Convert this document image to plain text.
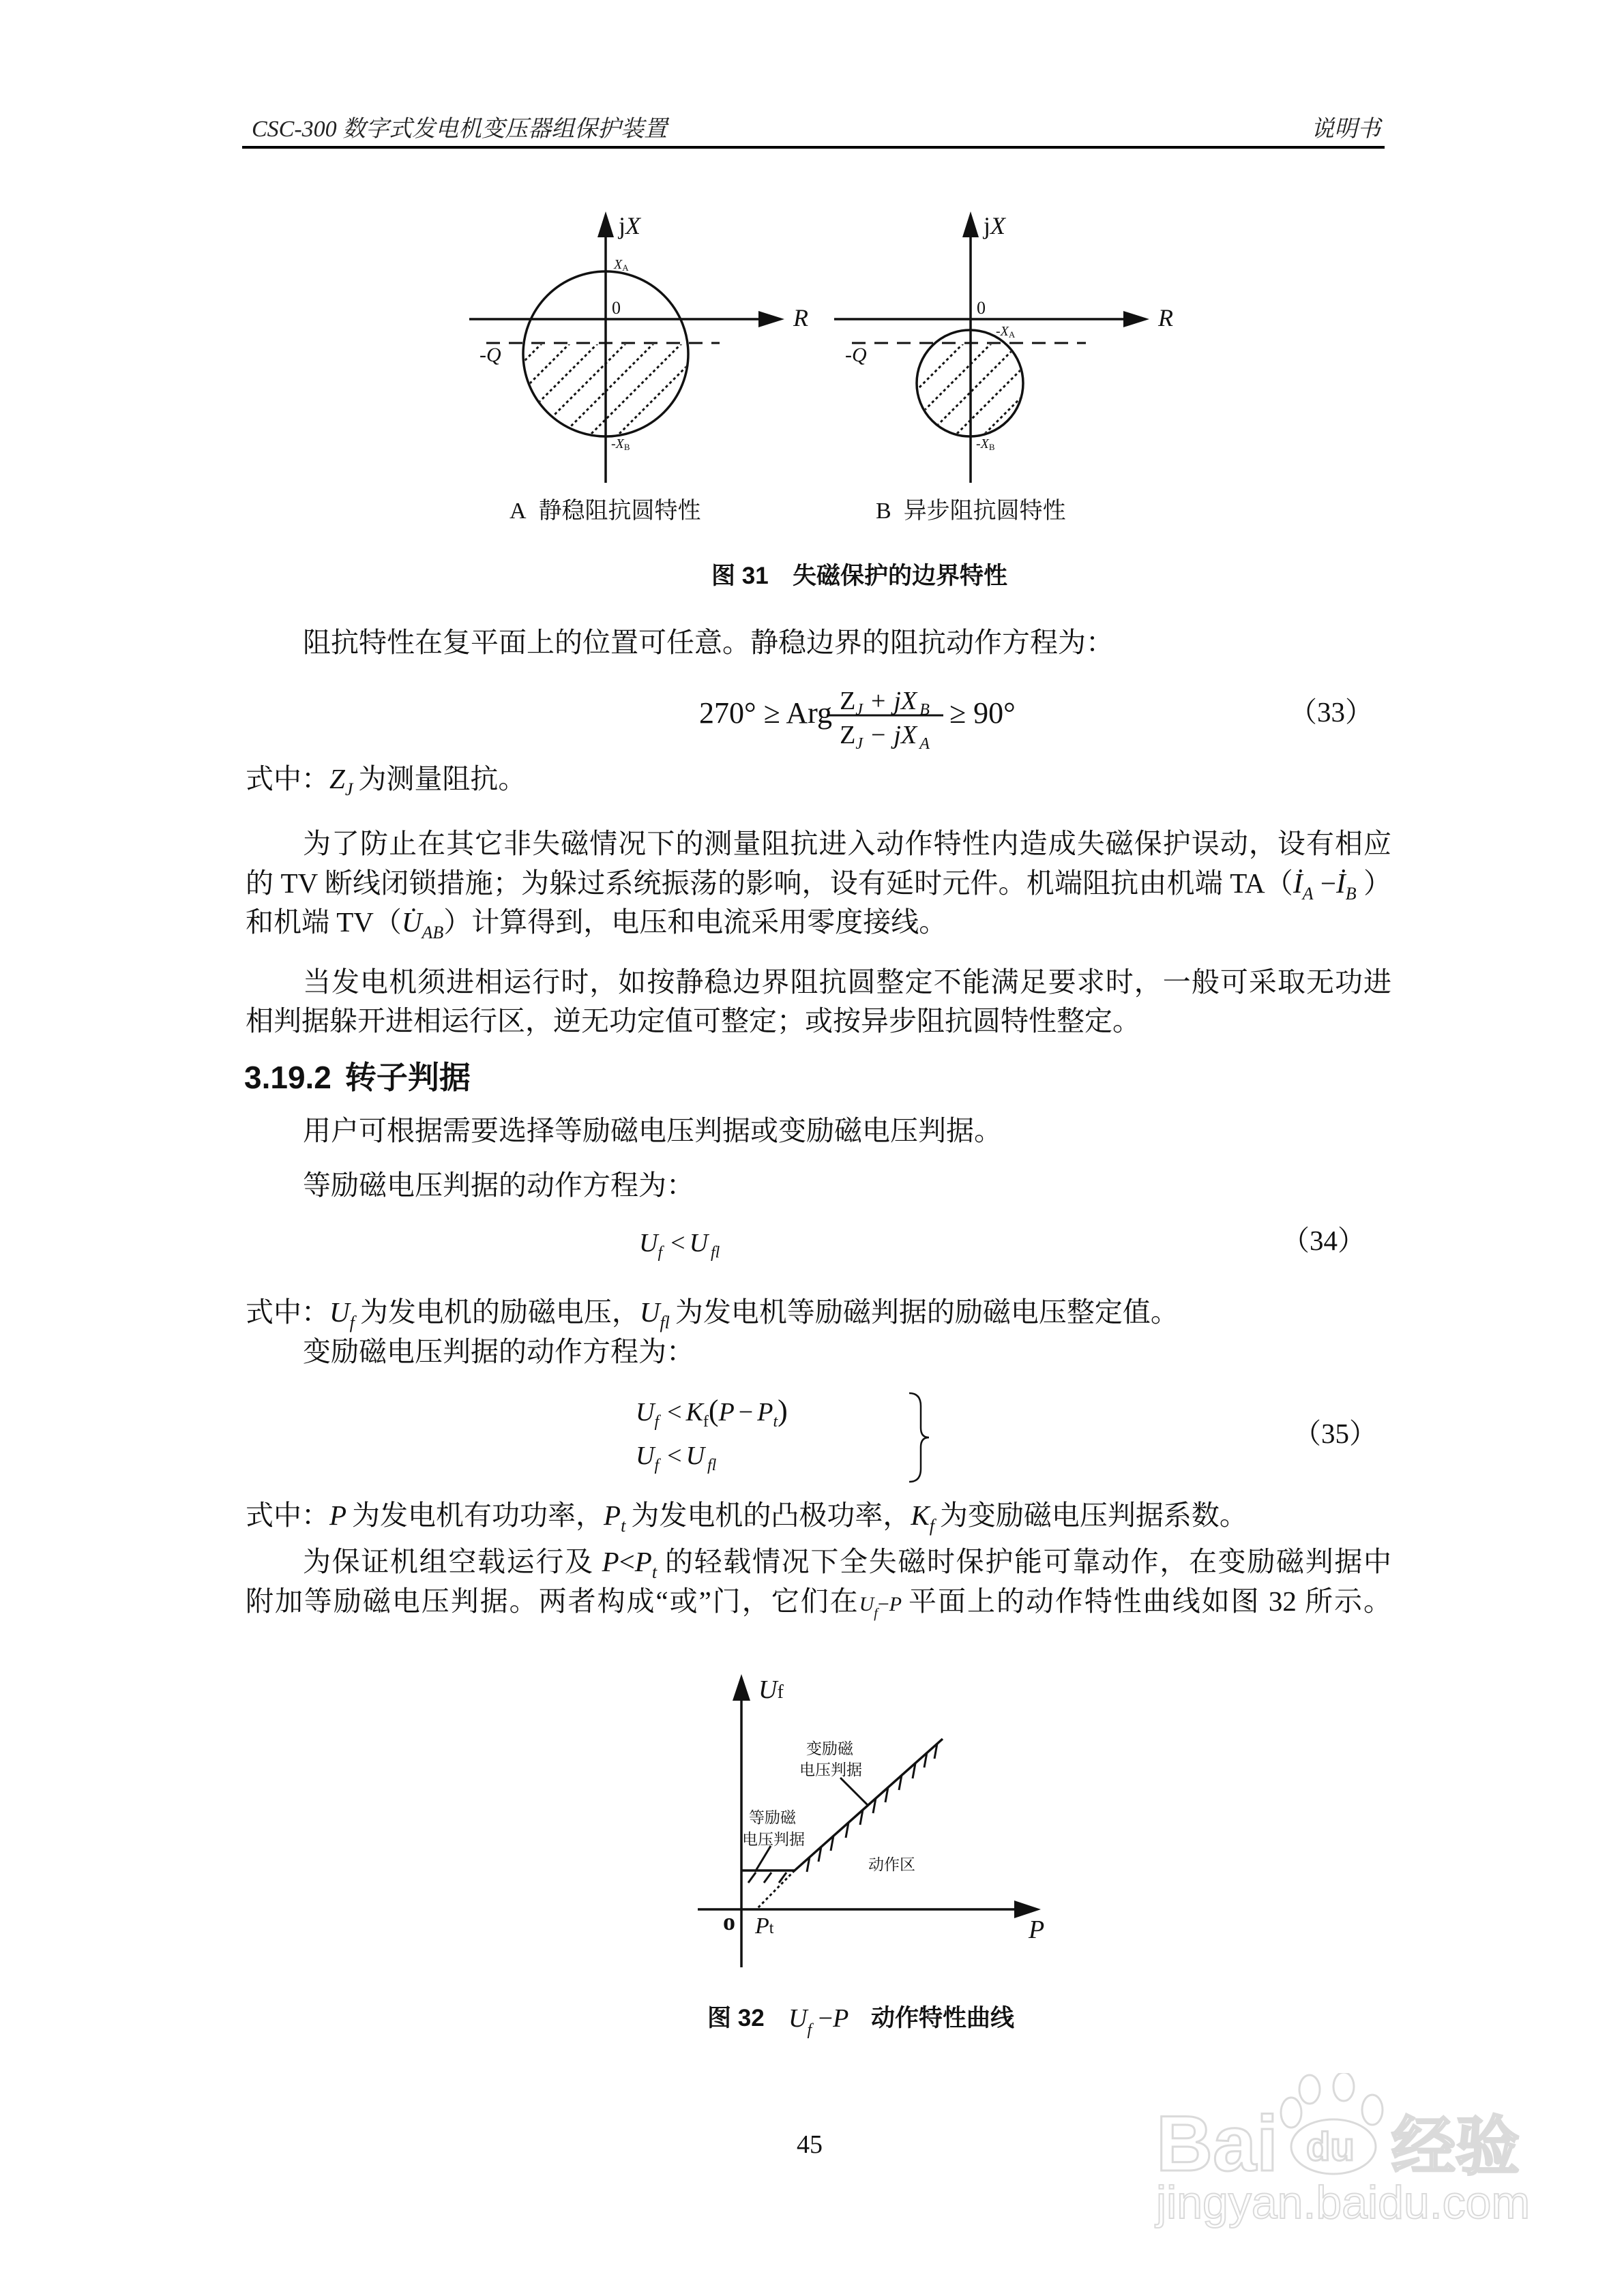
CSC-300 数字式发电机变压器组保护装置	说明书
jX
R
0
XA
-XB
-Q
A 静稳阻抗圆特性
jX
R
0
-XA
-XB
-Q
B 异步阻抗圆特性
图 31 失磁保护的边界特性
阻抗特性在复平面上的位置可任意。静稳边界的阻抗动作方程为：
270° ≥ Arg $Z_J$ + jX $_B$
$Z_J$ − jX $_A$
≥ 90°	（33）
式中：$Z_J$ 为测量阻抗。
为了防止在其它非失磁情况下的测量阻抗进入动作特性内造成失磁保护误动，设有相应
的 TV 断线闭锁措施；为躲过系统振荡的影响，设有延时元件。机端阻抗由机端 $TA(İ_A$ $-İ_B$ ）
和机端 $TV(U̇_{AB})$计算得到，电压和电流采用零度接线。
当发电机须进相运行时，如按静稳边界阻抗圆整定不能满足要求时，一般可采取无功进
相判据躲开进相运行区，逆无功定值可整定；或按异步阻抗圆特性整定。
3.19.2 转子判据
用户可根据需要选择等励磁电压判据或变励磁电压判据。
等励磁电压判据的动作方程为：
$U_f < U$ $_{fl}$	（34）
式中：$U_f$ 为发电机的励磁电压，$U_{fl}$ 为发电机等励磁判据的励磁电压整定值。
变励磁电压判据的动作方程为：
$U_f < K_f(P - P_t)$
$U_f < U$ $_{fl}$
（35）
式中：P 为发电机有功功率，$P_t$ 为发电机的凸极功率，$K_f$ 为变励磁电压判据系数。
为保证机组空载运行及 $P<P_t$ 的轻载情况下全失磁时保护能可靠动作，在变励磁判据中
附加等励磁电压判据。两者构成“或”门，它们在$U_f-P$ 平面上的动作特性曲线如图 32 所示。
Uf
P
o Pt
变励磁
电压判据
等励磁
电压判据
动作区
图 32 $U_f -P$ 动作特性曲线
45	Bai du 经验
jingyan.baidu.com
